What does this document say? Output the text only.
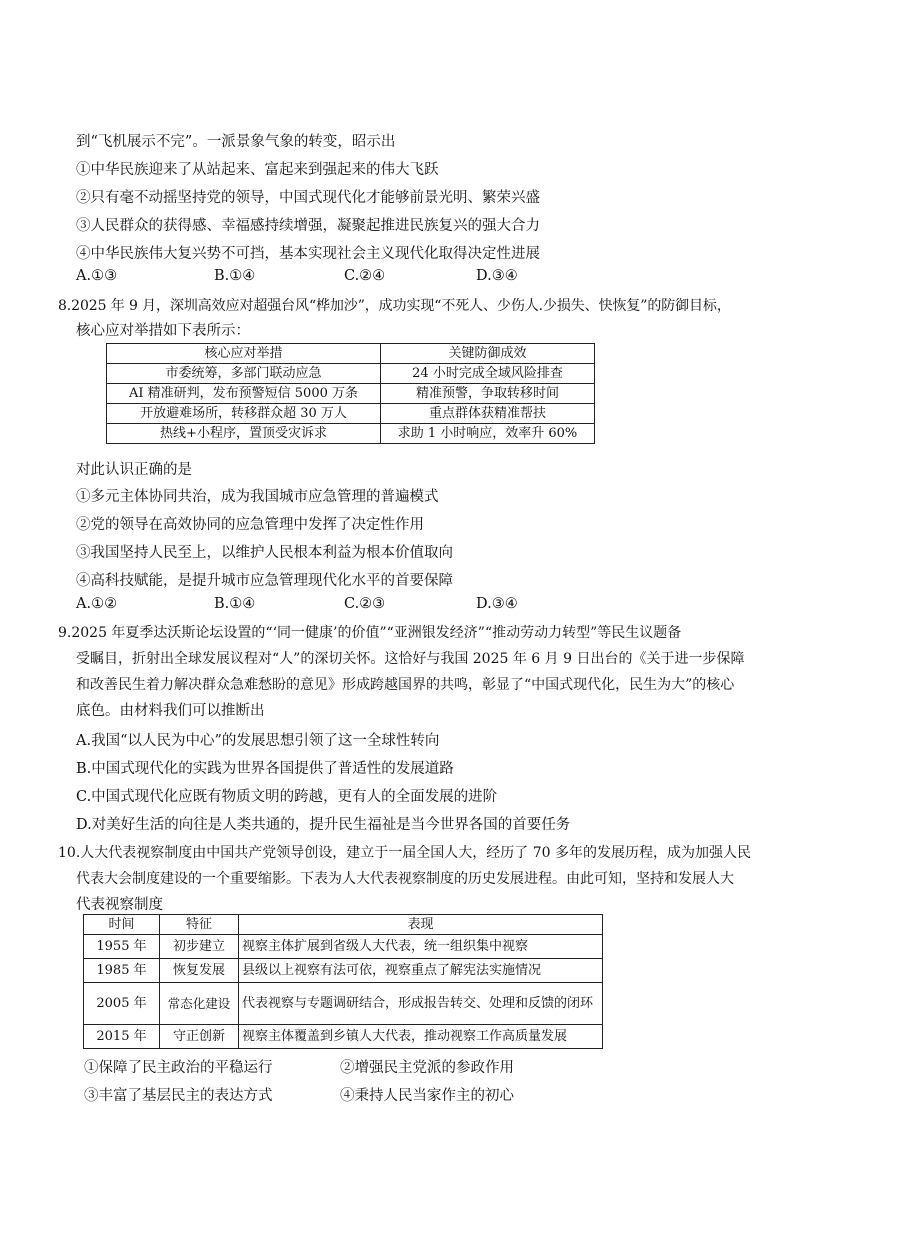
到“飞机展示不完”。一派景象气象的转变，昭示出
①中华民族迎来了从站起来、富起来到强起来的伟大飞跃
②只有毫不动摇坚持党的领导，中国式现代化才能够前景光明、繁荣兴盛
③人民群众的获得感、幸福感持续增强，凝聚起推进民族复兴的强大合力
④中华民族伟大复兴势不可挡，基本实现社会主义现代化取得决定性进展
A.①③	B.①④	C.②④	D.③④
8.2025 年 9 月，深圳高效应对超强台风“桦加沙”，成功实现“不死人、少伤人.少损失、快恢复”的防御目标，
核心应对举措如下表所示：
核心应对举措	关键防御成效
市委统筹，多部门联动应急	24 小时完成全域风险排查
AI 精准研判，发布预警短信 5000 万条	精准预警，争取转移时间
开放避难场所，转移群众超 30 万人	重点群体获精准帮扶
热线+小程序，置顶受灾诉求	求助 1 小时响应，效率升 60%
对此认识正确的是
①多元主体协同共治，成为我国城市应急管理的普遍模式
②党的领导在高效协同的应急管理中发挥了决定性作用
③我国坚持人民至上，以维护人民根本利益为根本价值取向
④高科技赋能，是提升城市应急管理现代化水平的首要保障
A.①②	B.①④	C.②③	D.③④
9.2025 年夏季达沃斯论坛设置的“‘同一健康’的价值”“亚洲银发经济”“推动劳动力转型”等民生议题备
受瞩目，折射出全球发展议程对“人”的深切关怀。这恰好与我国 2025 年 6 月 9 日出台的《关于进一步保障
和改善民生着力解决群众急难愁盼的意见》形成跨越国界的共鸣，彰显了“中国式现代化，民生为大”的核心
底色。由材料我们可以推断出
A.我国“以人民为中心”的发展思想引领了这一全球性转向
B.中国式现代化的实践为世界各国提供了普适性的发展道路
C.中国式现代化应既有物质文明的跨越，更有人的全面发展的进阶
D.对美好生活的向往是人类共通的，提升民生福祉是当今世界各国的首要任务
10.人大代表视察制度由中国共产党领导创设，建立于一届全国人大，经历了 70 多年的发展历程，成为加强人民
代表大会制度建设的一个重要缩影。下表为人大代表视察制度的历史发展进程。由此可知，坚持和发展人大
代表视察制度
时间	特征	表现
1955 年	初步建立	视察主体扩展到省级人大代表，统一组织集中视察
1985 年	恢复发展	县级以上视察有法可依，视察重点了解宪法实施情况
2005 年	常态化建设	代表视察与专题调研结合，形成报告转交、处理和反馈的闭环
2015 年	守正创新	视察主体覆盖到乡镇人大代表，推动视察工作高质量发展
①保障了民主政治的平稳运行	②增强民主党派的参政作用
③丰富了基层民主的表达方式	④秉持人民当家作主的初心
